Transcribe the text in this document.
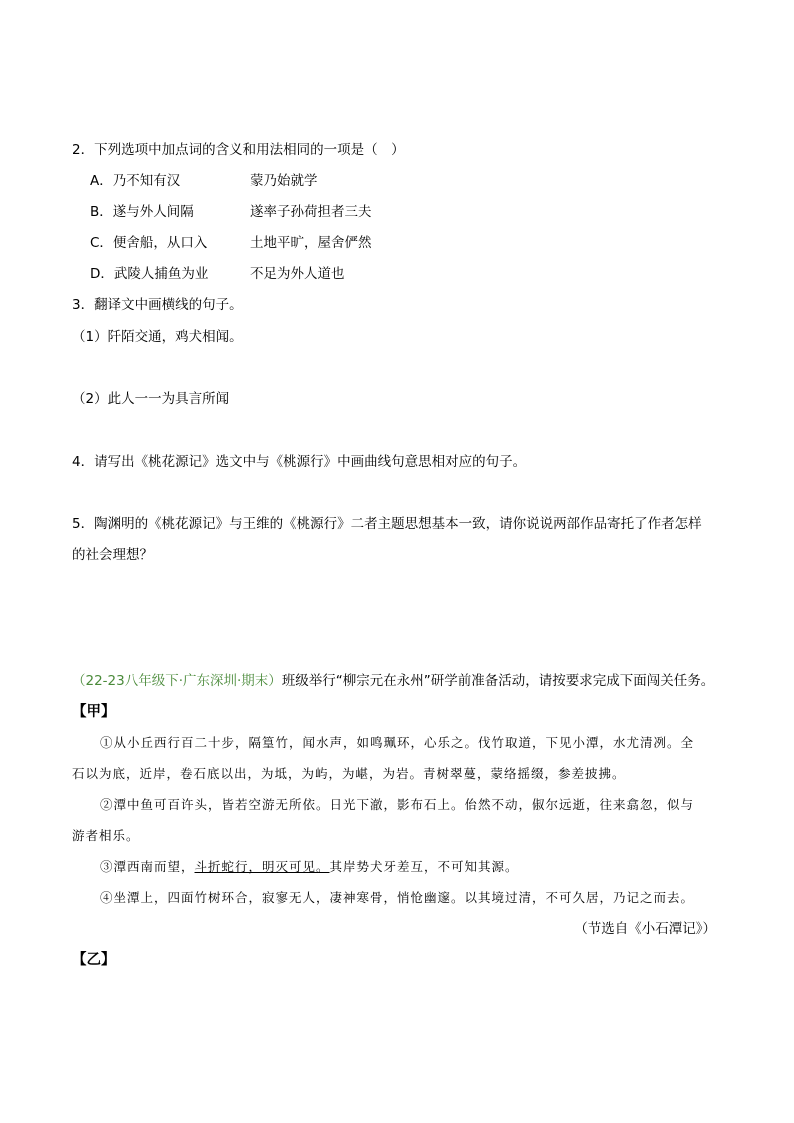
2．下列选项中加点词的含义和用法相同的一项是（　）
A．乃不知有汉	蒙乃始就学
B．遂与外人间隔	遂率子孙荷担者三夫
C．便舍船，从口入	土地平旷，屋舍俨然
D．武陵人捕鱼为业	不足为外人道也
3．翻译文中画横线的句子。
（1）阡陌交通，鸡犬相闻。
（2）此人一一为具言所闻
4．请写出《桃花源记》选文中与《桃源行》中画曲线句意思相对应的句子。
5．陶渊明的《桃花源记》与王维的《桃源行》二者主题思想基本一致，请你说说两部作品寄托了作者怎样
的社会理想？
（22-23八年级下·广东深圳·期末）班级举行“柳宗元在永州”研学前准备活动，请按要求完成下面闯关任务。
【甲】
①从小丘西行百二十步，隔篁竹，闻水声，如鸣珮环，心乐之。伐竹取道，下见小潭，水尤清冽。全
石以为底，近岸，卷石底以出，为坻，为屿，为嵁，为岩。青树翠蔓，蒙络摇缀，参差披拂。
②潭中鱼可百许头，皆若空游无所依。日光下澈，影布石上。佁然不动，俶尔远逝，往来翕忽，似与
游者相乐。
③潭西南而望，斗折蛇行，明灭可见。其岸势犬牙差互，不可知其源。
④坐潭上，四面竹树环合，寂寥无人，凄神寒骨，悄怆幽邃。以其境过清，不可久居，乃记之而去。
（节选自《小石潭记》）
【乙】
